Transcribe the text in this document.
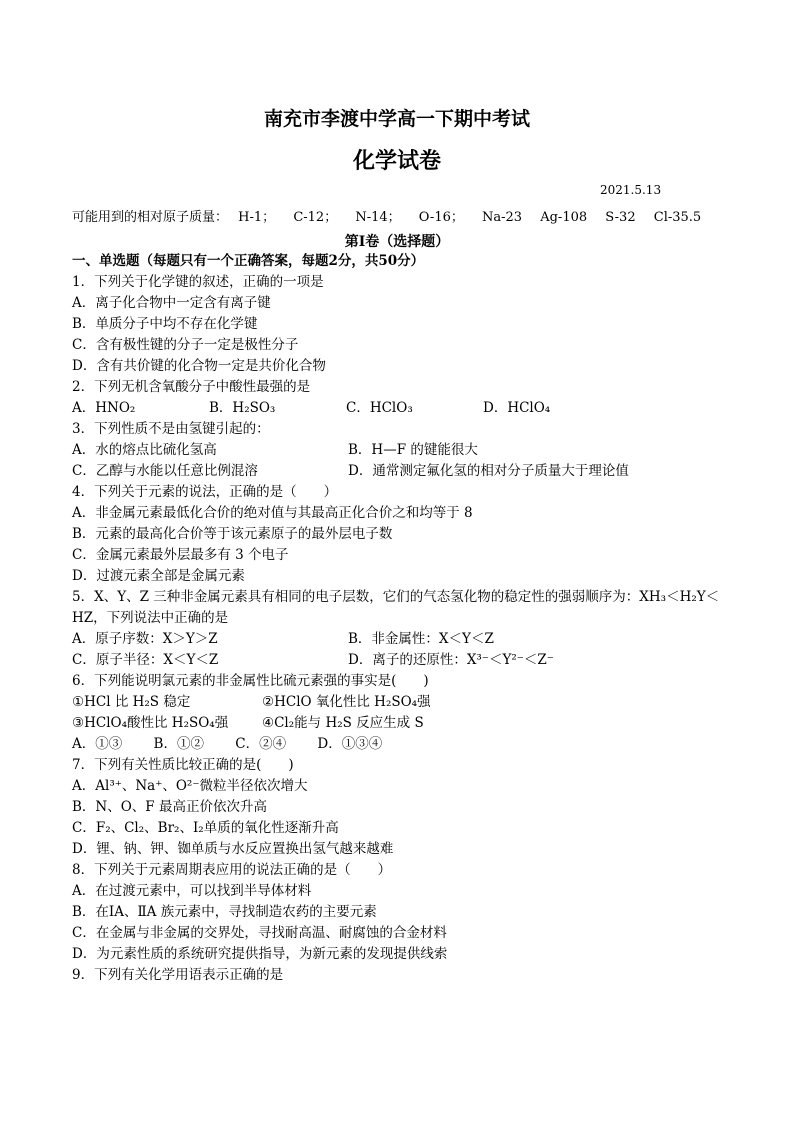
南充市李渡中学高一下期中考试
化学试卷
2021.5.13
可能用到的相对原子质量： H-1； C-12； N-14； O-16； Na-23 Ag-108 S-32 Cl-35.5
第Ⅰ卷（选择题）
一、单选题（每题只有一个正确答案，每题2分，共50分）
1．下列关于化学键的叙述，正确的一项是
A．离子化合物中一定含有离子键
B．单质分子中均不存在化学键
C．含有极性键的分子一定是极性分子
D．含有共价键的化合物一定是共价化合物
2．下列无机含氧酸分子中酸性最强的是
A．HNO₂	B．H₂SO₃	C．HClO₃	D．HClO₄
3．下列性质不是由氢键引起的：
A．水的熔点比硫化氢高	B．H—F 的键能很大
C．乙醇与水能以任意比例混溶	D．通常测定氟化氢的相对分子质量大于理论值
4．下列关于元素的说法，正确的是（　　）
A．非金属元素最低化合价的绝对值与其最高正化合价之和均等于 8
B．元素的最高化合价等于该元素原子的最外层电子数
C．金属元素最外层最多有 3 个电子
D．过渡元素全部是金属元素
5．X、Y、Z 三种非金属元素具有相同的电子层数，它们的气态氢化物的稳定性的强弱顺序为：XH₃＜H₂Y＜
HZ，下列说法中正确的是
A．原子序数：X＞Y＞Z	B．非金属性：X＜Y＜Z
C．原子半径：X＜Y＜Z	D．离子的还原性：X³⁻＜Y²⁻＜Z⁻
6．下列能说明氯元素的非金属性比硫元素强的事实是(　　)
①HCl 比 H₂S 稳定	②HClO 氧化性比 H₂SO₄强
③HClO₄酸性比 H₂SO₄强	④Cl₂能与 H₂S 反应生成 S
A．①③　　 B．①②　　 C．②④　　 D．①③④
7．下列有关性质比较正确的是(　　)
A．Al³⁺、Na⁺、O²⁻微粒半径依次增大
B．N、O、F 最高正价依次升高
C．F₂、Cl₂、Br₂、I₂单质的氧化性逐渐升高
D．锂、钠、钾、铷单质与水反应置换出氢气越来越难
8．下列关于元素周期表应用的说法正确的是（　　）
A．在过渡元素中，可以找到半导体材料
B．在ⅠA、ⅡA 族元素中，寻找制造农药的主要元素
C．在金属与非金属的交界处，寻找耐高温、耐腐蚀的合金材料
D．为元素性质的系统研究提供指导，为新元素的发现提供线索
9．下列有关化学用语表示正确的是
